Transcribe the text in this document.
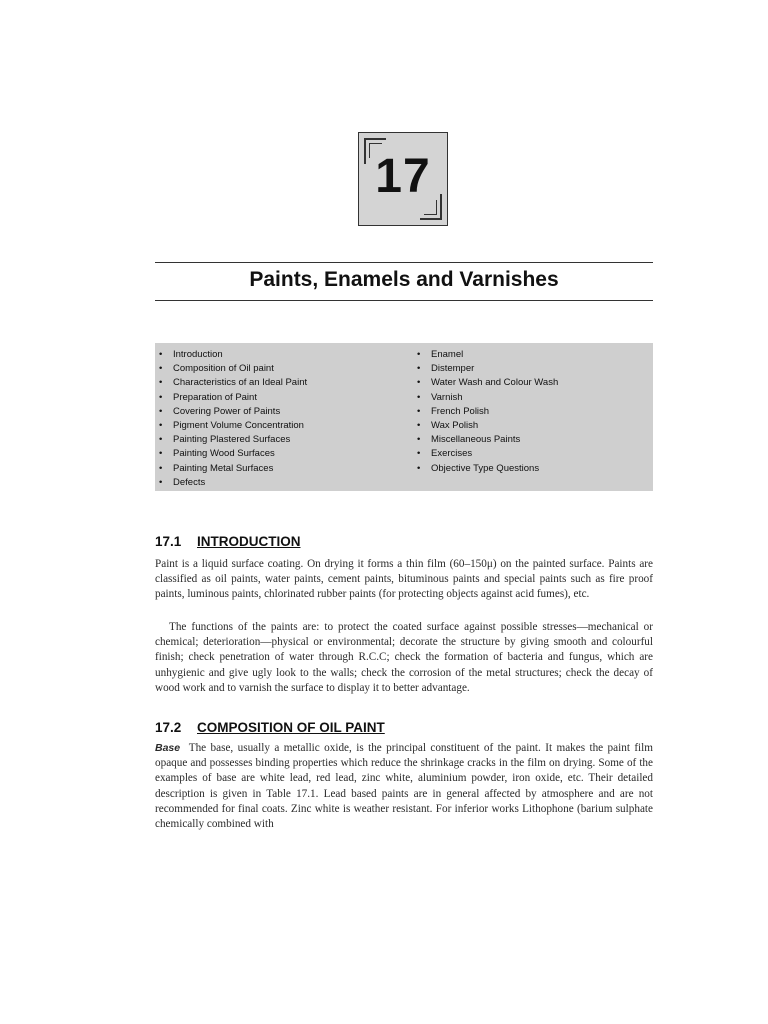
17
Paints, Enamels and Varnishes
• Introduction
• Composition of Oil paint
• Characteristics of an Ideal Paint
• Preparation of Paint
• Covering Power of Paints
• Pigment Volume Concentration
• Painting Plastered Surfaces
• Painting Wood Surfaces
• Painting Metal Surfaces
• Defects
• Enamel
• Distemper
• Water Wash and Colour Wash
• Varnish
• French Polish
• Wax Polish
• Miscellaneous Paints
• Exercises
• Objective Type Questions
17.1 INTRODUCTION

Paint is a liquid surface coating. On drying it forms a thin film (60–150μ) on the painted surface. Paints are classified as oil paints, water paints, cement paints, bituminous paints and special paints such as fire proof paints, luminous paints, chlorinated rubber paints (for protecting objects against acid fumes), etc.

The functions of the paints are: to protect the coated surface against possible stresses—mechanical or chemical; deterioration—physical or environmental; decorate the structure by giving smooth and colourful finish; check penetration of water through R.C.C; check the formation of bacteria and fungus, which are unhygienic and give ugly look to the walls; check the corrosion of the metal structures; check the decay of wood work and to varnish the surface to display it to better advantage.

17.2 COMPOSITION OF OIL PAINT

Base The base, usually a metallic oxide, is the principal constituent of the paint. It makes the paint film opaque and possesses binding properties which reduce the shrinkage cracks in the film on drying. Some of the examples of base are white lead, red lead, zinc white, aluminium powder, iron oxide, etc. Their detailed description is given in Table 17.1. Lead based paints are in general affected by atmosphere and are not recommended for final coats. Zinc white is weather resistant. For inferior works Lithophone (barium sulphate chemically combined with
